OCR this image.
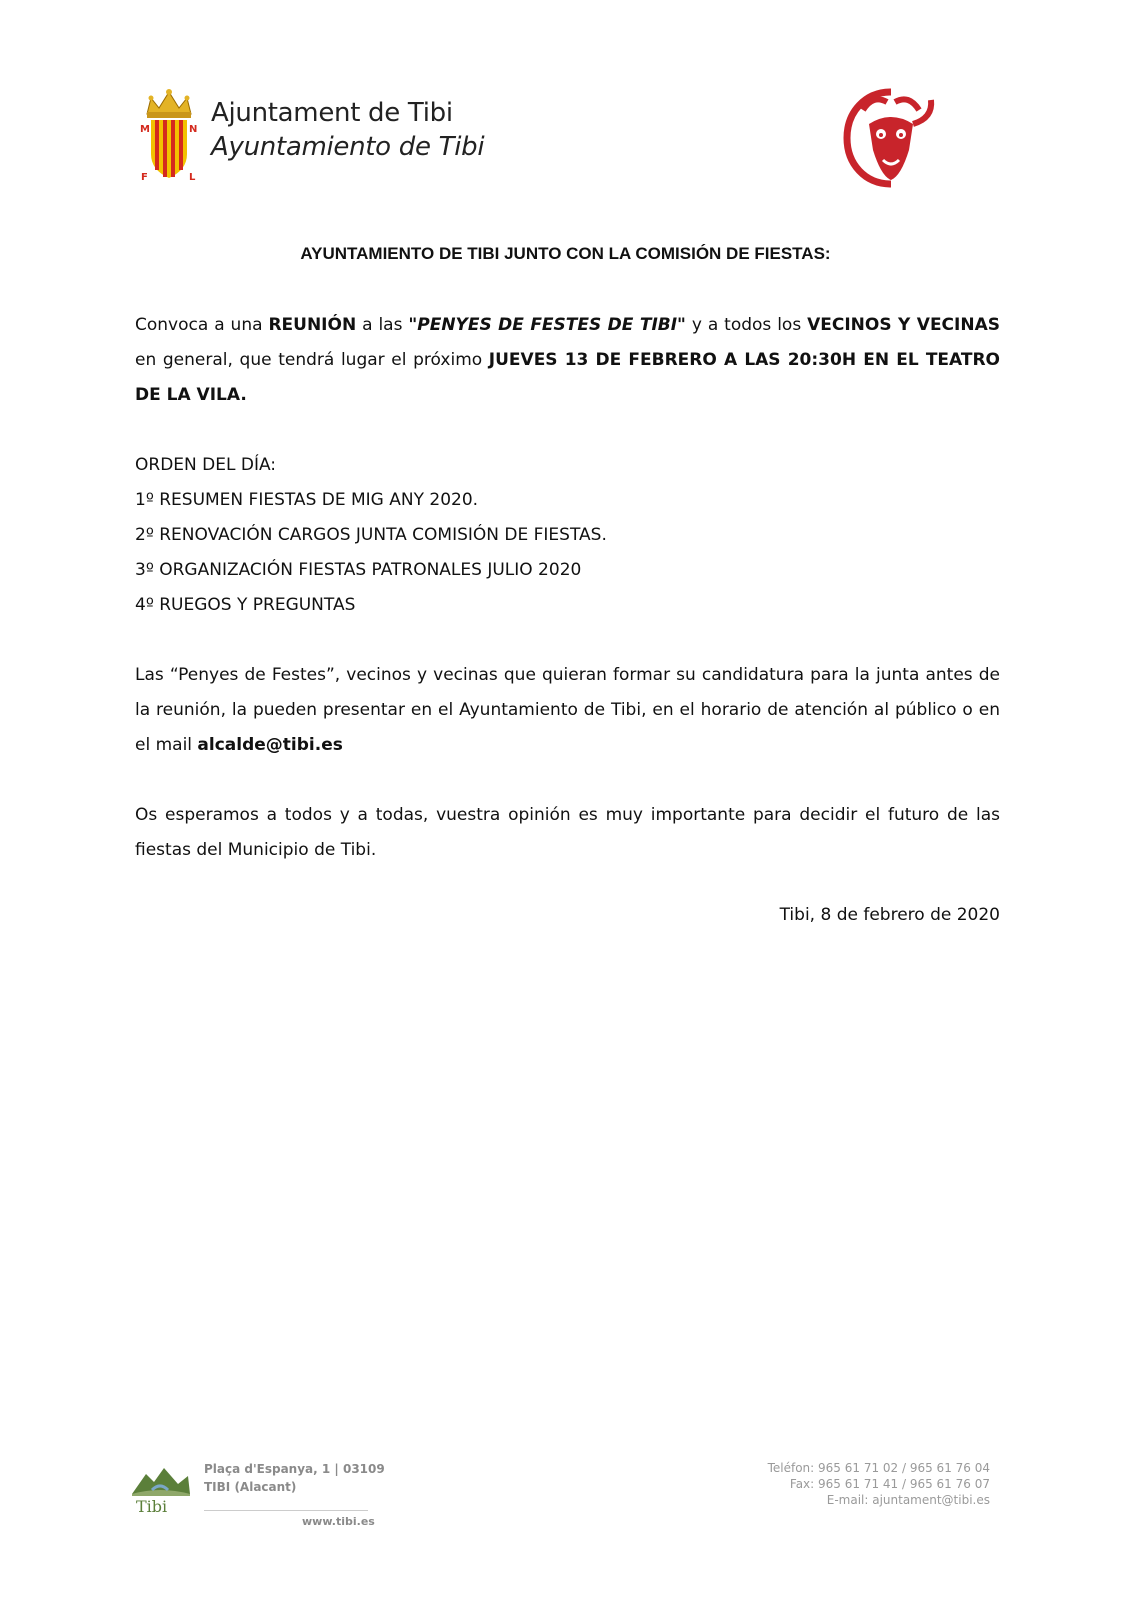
M	N
F	L
Ajuntament de Tibi
Ayuntamiento de Tibi
AYUNTAMIENTO DE TIBI JUNTO CON LA COMISIÓN DE FIESTAS:
Convoca a una REUNIÓN a las "PENYES DE FESTES DE TIBI" y a todos los VECINOS Y VECINAS en general, que tendrá lugar el próximo JUEVES 13 DE FEBRERO A LAS 20:30H EN EL TEATRO DE LA VILA.
ORDEN DEL DÍA:
1º RESUMEN FIESTAS DE MIG ANY 2020.
2º RENOVACIÓN CARGOS JUNTA COMISIÓN DE FIESTAS.
3º ORGANIZACIÓN FIESTAS PATRONALES JULIO 2020
4º RUEGOS Y PREGUNTAS
Las “Penyes de Festes”, vecinos y vecinas que quieran formar su candidatura para la junta antes de la reunión, la pueden presentar en el Ayuntamiento de Tibi, en el horario de atención al público o en el mail alcalde@tibi.es
Os esperamos a todos y a todas, vuestra opinión es muy importante para decidir el futuro de las fiestas del Municipio de Tibi.
Tibi, 8 de febrero de 2020
Tibi
Plaça d'Espanya, 1 | 03109
TIBI (Alacant)
www.tibi.es
Teléfon: 965 61 71 02 / 965 61 76 04
Fax: 965 61 71 41 / 965 61 76 07
E-mail: ajuntament@tibi.es
